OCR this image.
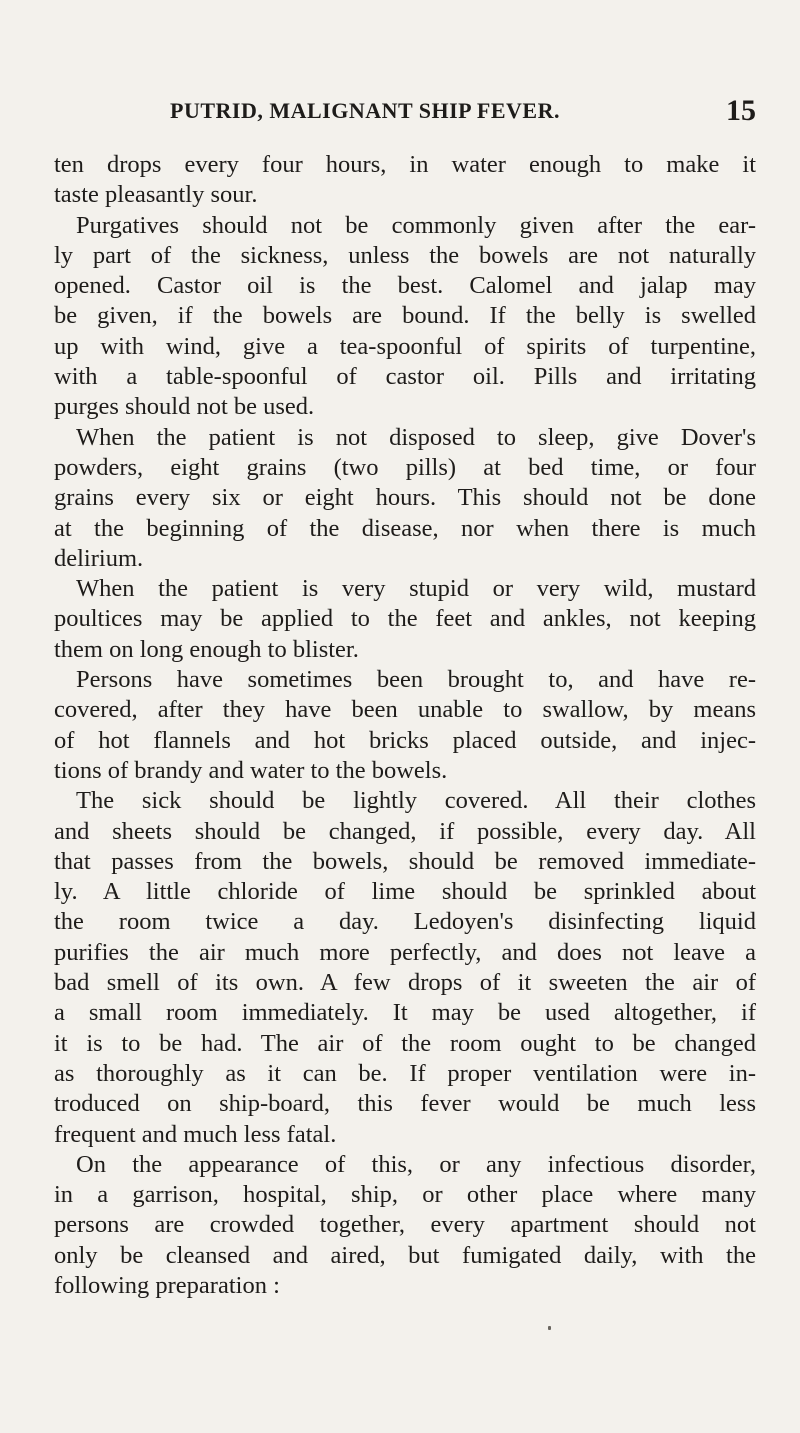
PUTRID, MALIGNANT SHIP FEVER.	15
ten drops every four hours, in water enough to make it
taste pleasantly sour.
Purgatives should not be commonly given after the ear-
ly part of the sickness, unless the bowels are not naturally
opened. Castor oil is the best. Calomel and jalap may
be given, if the bowels are bound. If the belly is swelled
up with wind, give a tea-spoonful of spirits of turpentine,
with a table-spoonful of castor oil. Pills and irritating
purges should not be used.
When the patient is not disposed to sleep, give Dover's
powders, eight grains (two pills) at bed time, or four
grains every six or eight hours. This should not be done
at the beginning of the disease, nor when there is much
delirium.
When the patient is very stupid or very wild, mustard
poultices may be applied to the feet and ankles, not keeping
them on long enough to blister.
Persons have sometimes been brought to, and have re-
covered, after they have been unable to swallow, by means
of hot flannels and hot bricks placed outside, and injec-
tions of brandy and water to the bowels.
The sick should be lightly covered. All their clothes
and sheets should be changed, if possible, every day. All
that passes from the bowels, should be removed immediate-
ly. A little chloride of lime should be sprinkled about
the room twice a day. Ledoyen's disinfecting liquid
purifies the air much more perfectly, and does not leave a
bad smell of its own. A few drops of it sweeten the air of
a small room immediately. It may be used altogether, if
it is to be had. The air of the room ought to be changed
as thoroughly as it can be. If proper ventilation were in-
troduced on ship-board, this fever would be much less
frequent and much less fatal.
On the appearance of this, or any infectious disorder,
in a garrison, hospital, ship, or other place where many
persons are crowded together, every apartment should not
only be cleansed and aired, but fumigated daily, with the
following preparation :
